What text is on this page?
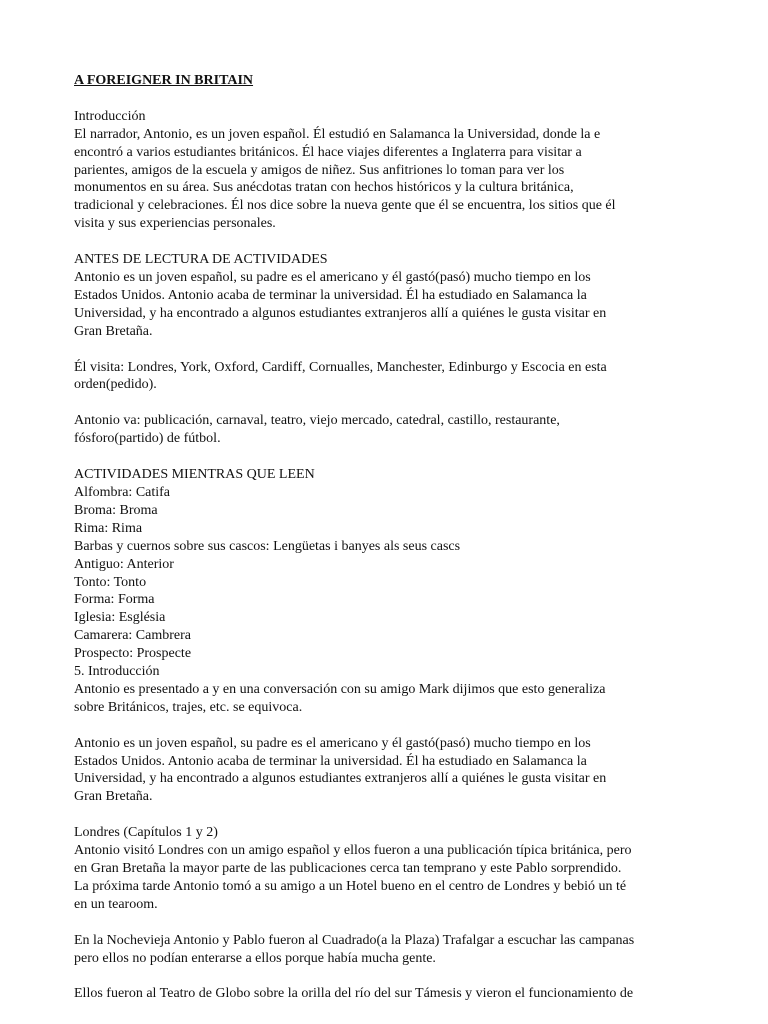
A FOREIGNER IN BRITAIN
Introducción
El narrador, Antonio, es un joven español. Él estudió en Salamanca la Universidad, donde la e
encontró a varios estudiantes británicos. Él hace viajes diferentes a Inglaterra para visitar a
parientes, amigos de la escuela y amigos de niñez. Sus anfitriones lo toman para ver los
monumentos en su área. Sus anécdotas tratan con hechos históricos y la cultura británica,
tradicional y celebraciones. Él nos dice sobre la nueva gente que él se encuentra, los sitios que él
visita y sus experiencias personales.
ANTES DE LECTURA DE ACTIVIDADES
Antonio es un joven español, su padre es el americano y él gastó(pasó) mucho tiempo en los
Estados Unidos. Antonio acaba de terminar la universidad. Él ha estudiado en Salamanca la
Universidad, y ha encontrado a algunos estudiantes extranjeros allí a quiénes le gusta visitar en
Gran Bretaña.
Él visita: Londres, York, Oxford, Cardiff, Cornualles, Manchester, Edinburgo y Escocia en esta
orden(pedido).
Antonio va: publicación, carnaval, teatro, viejo mercado, catedral, castillo, restaurante,
fósforo(partido) de fútbol.
ACTIVIDADES MIENTRAS QUE LEEN
Alfombra: Catifa
Broma: Broma
Rima: Rima
Barbas y cuernos sobre sus cascos: Lengüetas i banyes als seus cascs
Antiguo: Anterior
Tonto: Tonto
Forma: Forma
Iglesia: Església
Camarera: Cambrera
Prospecto: Prospecte
5. Introducción
Antonio es presentado a y en una conversación con su amigo Mark dijimos que esto generaliza
sobre Británicos, trajes, etc. se equivoca.
Antonio es un joven español, su padre es el americano y él gastó(pasó) mucho tiempo en los
Estados Unidos. Antonio acaba de terminar la universidad. Él ha estudiado en Salamanca la
Universidad, y ha encontrado a algunos estudiantes extranjeros allí a quiénes le gusta visitar en
Gran Bretaña.
Londres (Capítulos 1 y 2)
Antonio visitó Londres con un amigo español y ellos fueron a una publicación típica británica, pero
en Gran Bretaña la mayor parte de las publicaciones cerca tan temprano y este Pablo sorprendido.
La próxima tarde Antonio tomó a su amigo a un Hotel bueno en el centro de Londres y bebió un té
en un tearoom.
En la Nochevieja Antonio y Pablo fueron al Cuadrado(a la Plaza) Trafalgar a escuchar las campanas
pero ellos no podían enterarse a ellos porque había mucha gente.
Ellos fueron al Teatro de Globo sobre la orilla del río del sur Támesis y vieron el funcionamiento de
